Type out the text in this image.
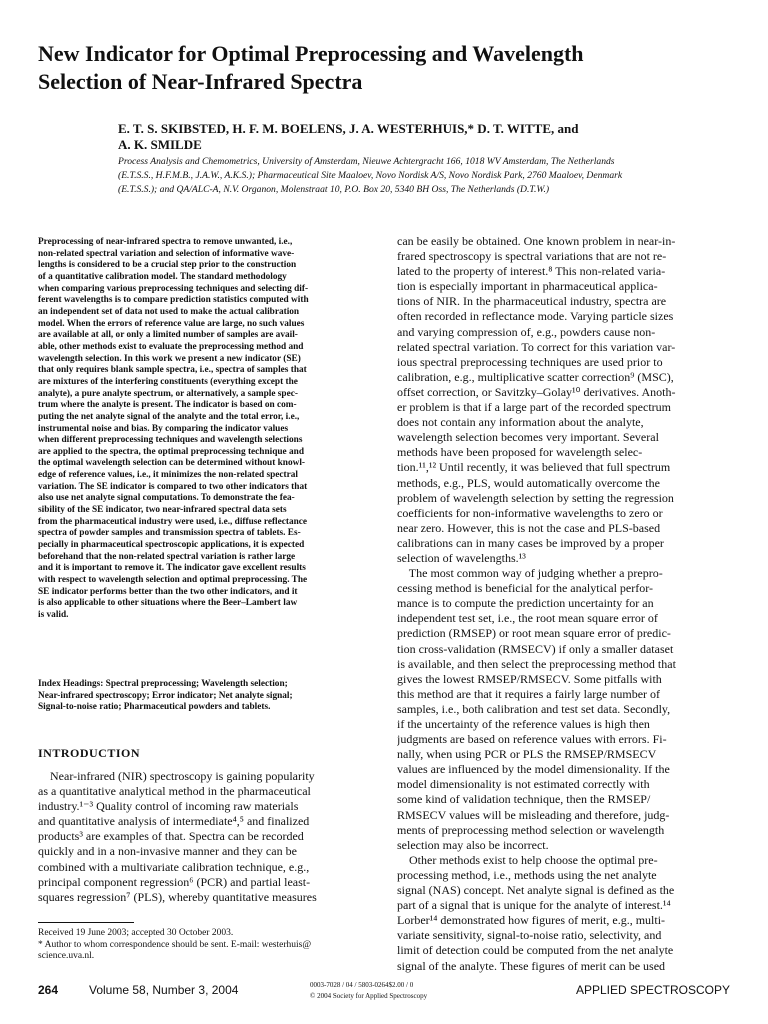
New Indicator for Optimal Preprocessing and Wavelength
Selection of Near-Infrared Spectra
E. T. S. SKIBSTED, H. F. M. BOELENS, J. A. WESTERHUIS,* D. T. WITTE, and
A. K. SMILDE
Process Analysis and Chemometrics, University of Amsterdam, Nieuwe Achtergracht 166, 1018 WV Amsterdam, The Netherlands
(E.T.S.S., H.F.M.B., J.A.W., A.K.S.); Pharmaceutical Site Maaloev, Novo Nordisk A/S, Novo Nordisk Park, 2760 Maaloev, Denmark
(E.T.S.S.); and QA/ALC-A, N.V. Organon, Molenstraat 10, P.O. Box 20, 5340 BH Oss, The Netherlands (D.T.W.)
Preprocessing of near-infrared spectra to remove unwanted, i.e.,
non-related spectral variation and selection of informative wave-
lengths is considered to be a crucial step prior to the construction
of a quantitative calibration model. The standard methodology
when comparing various preprocessing techniques and selecting dif-
ferent wavelengths is to compare prediction statistics computed with
an independent set of data not used to make the actual calibration
model. When the errors of reference value are large, no such values
are available at all, or only a limited number of samples are avail-
able, other methods exist to evaluate the preprocessing method and
wavelength selection. In this work we present a new indicator (SE)
that only requires blank sample spectra, i.e., spectra of samples that
are mixtures of the interfering constituents (everything except the
analyte), a pure analyte spectrum, or alternatively, a sample spec-
trum where the analyte is present. The indicator is based on com-
puting the net analyte signal of the analyte and the total error, i.e.,
instrumental noise and bias. By comparing the indicator values
when different preprocessing techniques and wavelength selections
are applied to the spectra, the optimal preprocessing technique and
the optimal wavelength selection can be determined without knowl-
edge of reference values, i.e., it minimizes the non-related spectral
variation. The SE indicator is compared to two other indicators that
also use net analyte signal computations. To demonstrate the fea-
sibility of the SE indicator, two near-infrared spectral data sets
from the pharmaceutical industry were used, i.e., diffuse reflectance
spectra of powder samples and transmission spectra of tablets. Es-
pecially in pharmaceutical spectroscopic applications, it is expected
beforehand that the non-related spectral variation is rather large
and it is important to remove it. The indicator gave excellent results
with respect to wavelength selection and optimal preprocessing. The
SE indicator performs better than the two other indicators, and it
is also applicable to other situations where the Beer–Lambert law
is valid.
Index Headings: Spectral preprocessing; Wavelength selection;
Near-infrared spectroscopy; Error indicator; Net analyte signal;
Signal-to-noise ratio; Pharmaceutical powders and tablets.
INTRODUCTION
Near-infrared (NIR) spectroscopy is gaining popularity
as a quantitative analytical method in the pharmaceutical
industry.¹⁻³ Quality control of incoming raw materials
and quantitative analysis of intermediate⁴,⁵ and finalized
products³ are examples of that. Spectra can be recorded
quickly and in a non-invasive manner and they can be
combined with a multivariate calibration technique, e.g.,
principal component regression⁶ (PCR) and partial least-
squares regression⁷ (PLS), whereby quantitative measures
can be easily be obtained. One known problem in near-in-
frared spectroscopy is spectral variations that are not re-
lated to the property of interest.⁸ This non-related varia-
tion is especially important in pharmaceutical applica-
tions of NIR. In the pharmaceutical industry, spectra are
often recorded in reflectance mode. Varying particle sizes
and varying compression of, e.g., powders cause non-
related spectral variation. To correct for this variation var-
ious spectral preprocessing techniques are used prior to
calibration, e.g., multiplicative scatter correction⁹ (MSC),
offset correction, or Savitzky–Golay¹⁰ derivatives. Anoth-
er problem is that if a large part of the recorded spectrum
does not contain any information about the analyte,
wavelength selection becomes very important. Several
methods have been proposed for wavelength selec-
tion.¹¹,¹² Until recently, it was believed that full spectrum
methods, e.g., PLS, would automatically overcome the
problem of wavelength selection by setting the regression
coefficients for non-informative wavelengths to zero or
near zero. However, this is not the case and PLS-based
calibrations can in many cases be improved by a proper
selection of wavelengths.¹³
The most common way of judging whether a prepro-
cessing method is beneficial for the analytical perfor-
mance is to compute the prediction uncertainty for an
independent test set, i.e., the root mean square error of
prediction (RMSEP) or root mean square error of predic-
tion cross-validation (RMSECV) if only a smaller dataset
is available, and then select the preprocessing method that
gives the lowest RMSEP/RMSECV. Some pitfalls with
this method are that it requires a fairly large number of
samples, i.e., both calibration and test set data. Secondly,
if the uncertainty of the reference values is high then
judgments are based on reference values with errors. Fi-
nally, when using PCR or PLS the RMSEP/RMSECV
values are influenced by the model dimensionality. If the
model dimensionality is not estimated correctly with
some kind of validation technique, then the RMSEP/
RMSECV values will be misleading and therefore, judg-
ments of preprocessing method selection or wavelength
selection may also be incorrect.
Other methods exist to help choose the optimal pre-
processing method, i.e., methods using the net analyte
signal (NAS) concept. Net analyte signal is defined as the
part of a signal that is unique for the analyte of interest.¹⁴
Lorber¹⁴ demonstrated how figures of merit, e.g., multi-
variate sensitivity, signal-to-noise ratio, selectivity, and
limit of detection could be computed from the net analyte
signal of the analyte. These figures of merit can be used
Received 19 June 2003; accepted 30 October 2003.
* Author to whom correspondence should be sent. E-mail: westerhuis@
science.uva.nl.
264	Volume 58, Number 3, 2004	0003-7028 / 04 / 5803-0264$2.00 / 0
© 2004 Society for Applied Spectroscopy	APPLIED SPECTROSCOPY
